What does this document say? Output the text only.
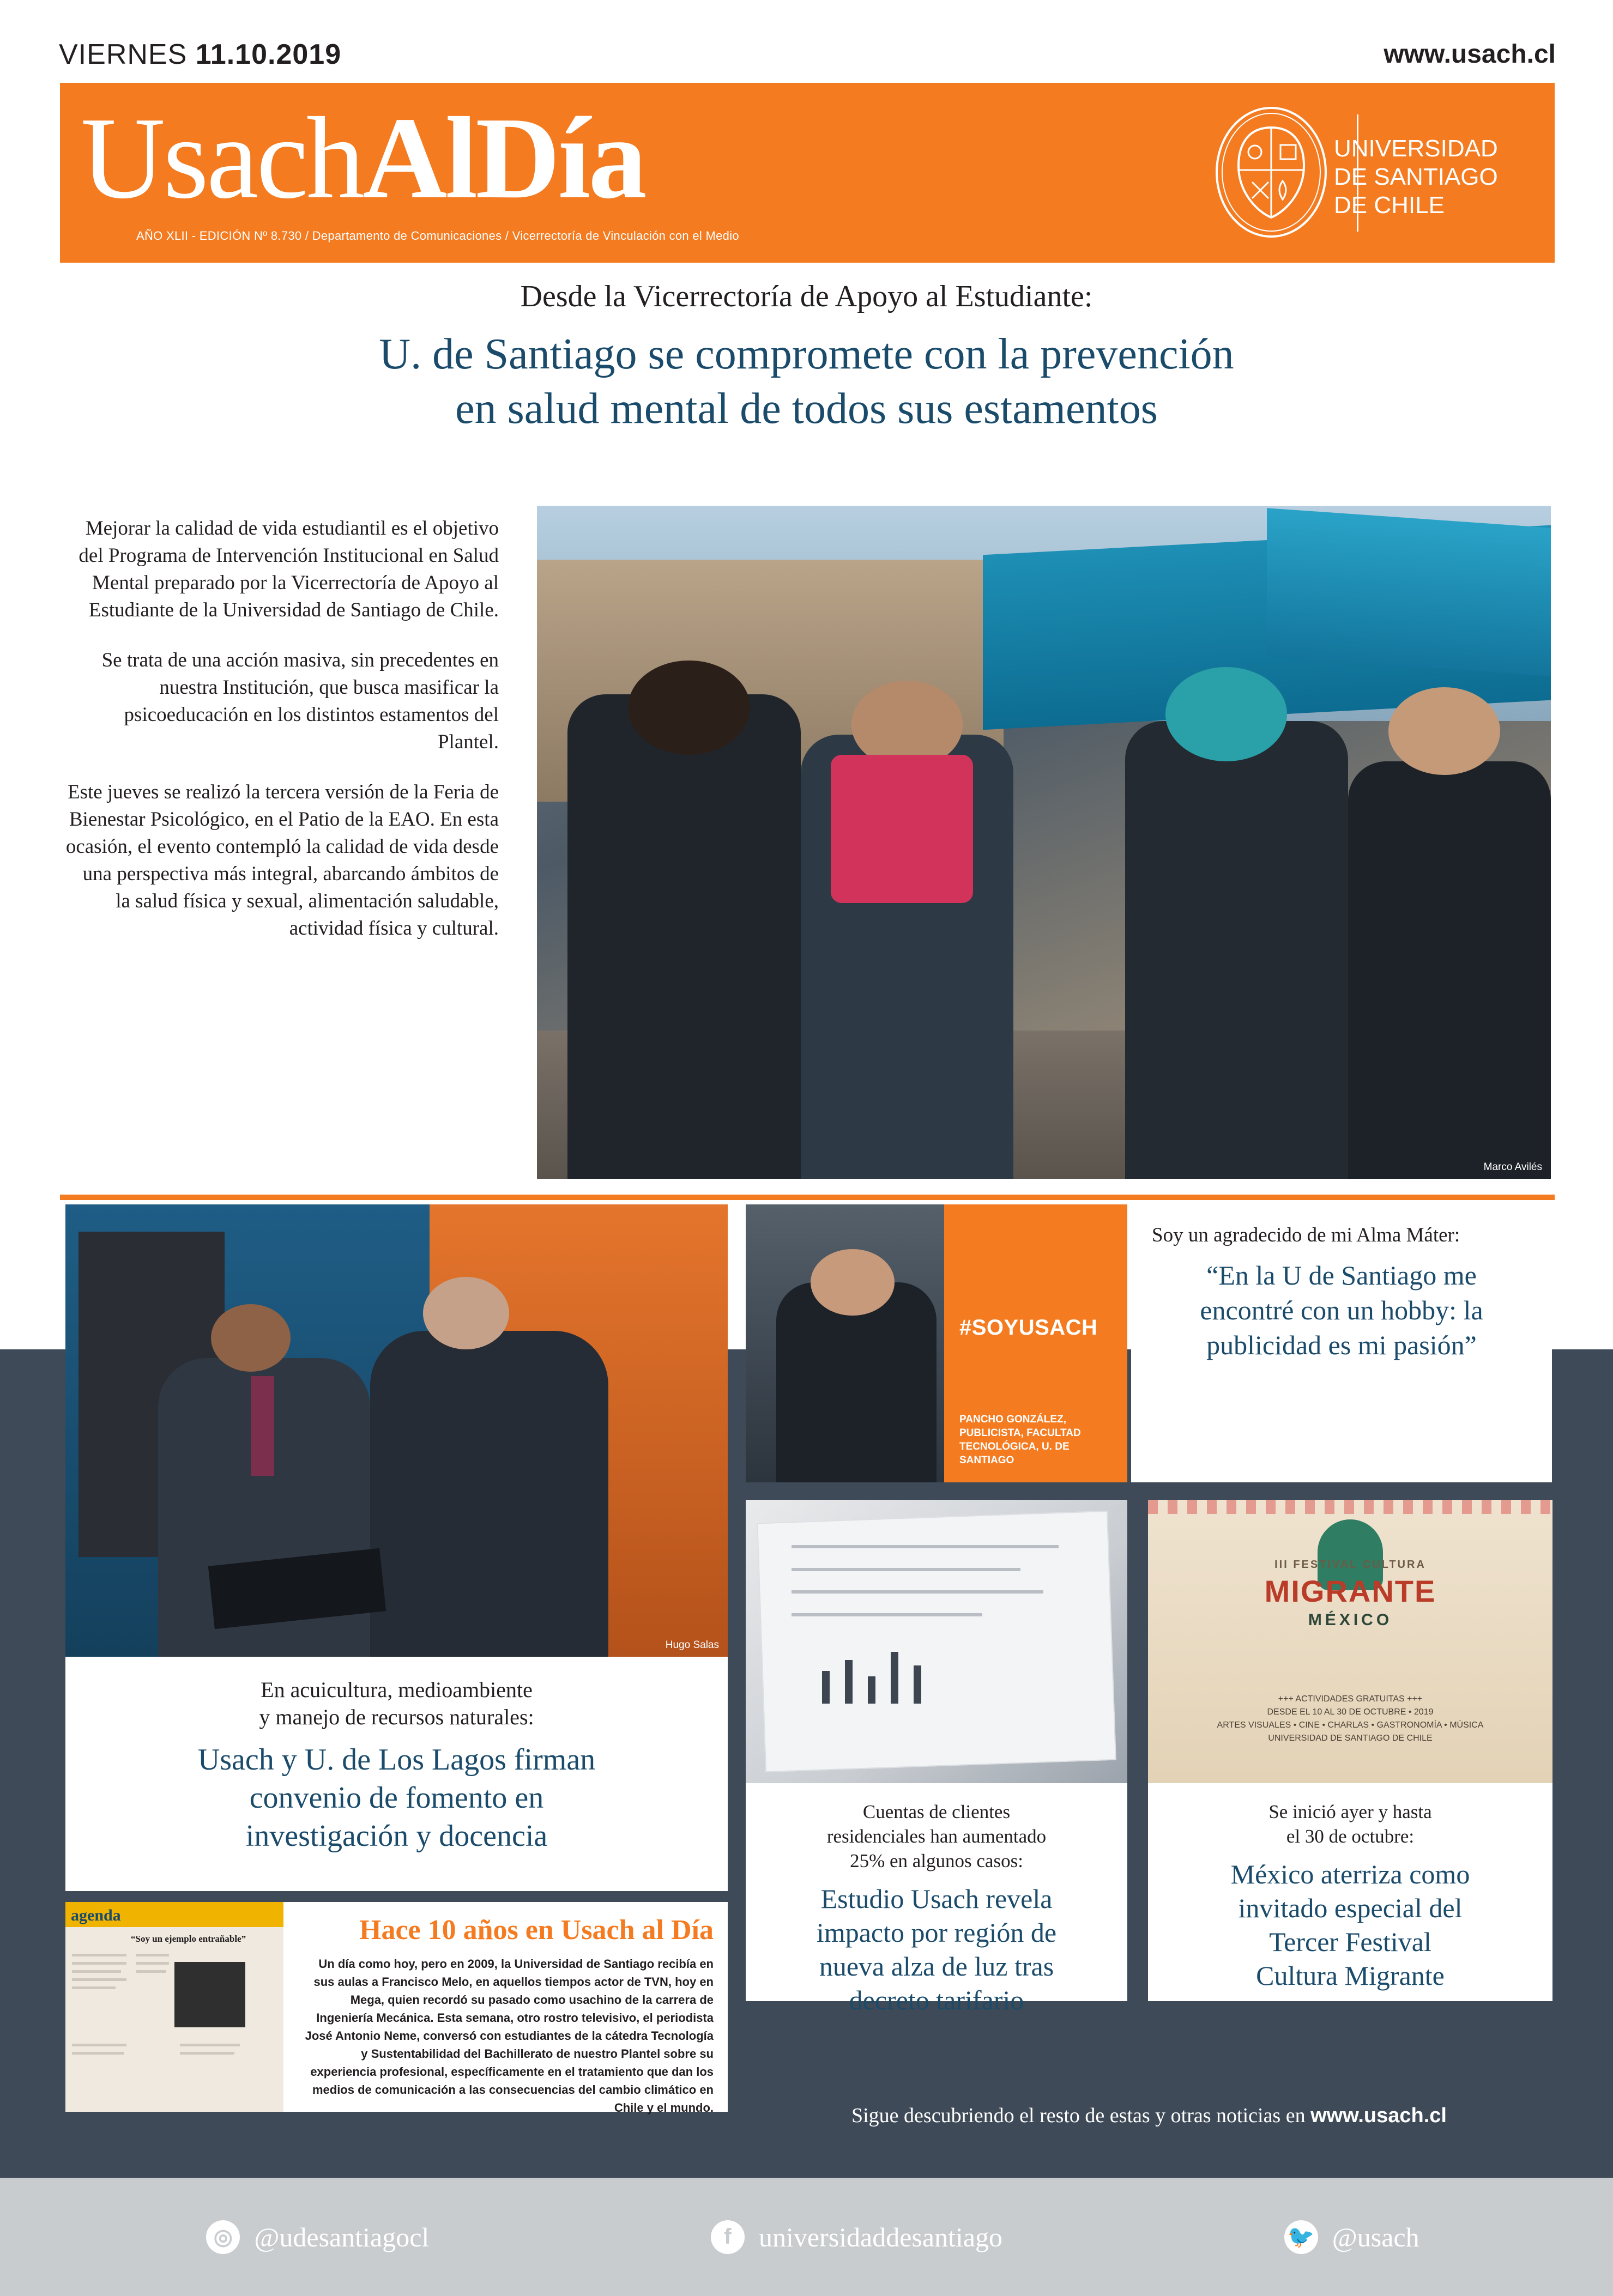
VIERNES 11.10.2019	www.usach.cl
UsachAlDía
AÑO XLII - EDICIÓN Nº 8.730 / Departamento de Comunicaciones / Vicerrectoría de Vinculación con el Medio
UNIVERSIDAD
DE SANTIAGO
DE CHILE
Desde la Vicerrectoría de Apoyo al Estudiante:
U. de Santiago se compromete con la prevención
en salud mental de todos sus estamentos

Mejorar la calidad de vida estudiantil es el objetivo del Programa de Intervención Institucional en Salud Mental preparado por la Vicerrectoría de Apoyo al Estudiante de la Universidad de Santiago de Chile.

Se trata de una acción masiva, sin precedentes en nuestra Institución, que busca masificar la psicoeducación en los distintos estamentos del Plantel.

Este jueves se realizó la tercera versión de la Feria de Bienestar Psicológico, en el Patio de la EAO. En esta ocasión, el evento contempló la calidad de vida desde una perspectiva más integral, abarcando ámbitos de la salud física y sexual, alimentación saludable, actividad física y cultural.

Marco Avilés
Hugo Salas
En acuicultura, medioambiente
y manejo de recursos naturales:
Usach y U. de Los Lagos firman
convenio de fomento en
investigación y docencia
#SOYUSACH
PANCHO GONZÁLEZ, PUBLICISTA, FACULTAD TECNOLÓGICA, U. DE SANTIAGO
Soy un agradecido de mi Alma Máter:
“En la U de Santiago me
encontré con un hobby: la
publicidad es mi pasión”
Cuentas de clientes
residenciales han aumentado
25% en algunos casos:
Estudio Usach revela
impacto por región de
nueva alza de luz tras
decreto tarifario
III FESTIVAL CULTURA
MIGRANTE
MÉXICO
+++ ACTIVIDADES GRATUITAS +++
DESDE EL 10 AL 30 DE OCTUBRE • 2019
ARTES VISUALES • CINE • CHARLAS • GASTRONOMÍA • MÚSICA
UNIVERSIDAD DE SANTIAGO DE CHILE
Se inició ayer y hasta
el 30 de octubre:
México aterriza como
invitado especial del
Tercer Festival
Cultura Migrante
agenda
“Soy un ejemplo entrañable”	Hace 10 años en Usach al Día
Un día como hoy, pero en 2009, la Universidad de Santiago recibía en sus aulas a Francisco Melo, en aquellos tiempos actor de TVN, hoy en Mega, quien recordó su pasado como usachino de la carrera de Ingeniería Mecánica. Esta semana, otro rostro televisivo, el periodista José Antonio Neme, conversó con estudiantes de la cátedra Tecnología y Sustentabilidad del Bachillerato de nuestro Plantel sobre su experiencia profesional, específicamente en el tratamiento que dan los medios de comunicación a las consecuencias del cambio climático en Chile y el mundo.	Sigue descubriendo el resto de estas y otras noticias en www.usach.cl
◎ @udesantiagocl	f	universidaddesantiago	🐦 @usach
